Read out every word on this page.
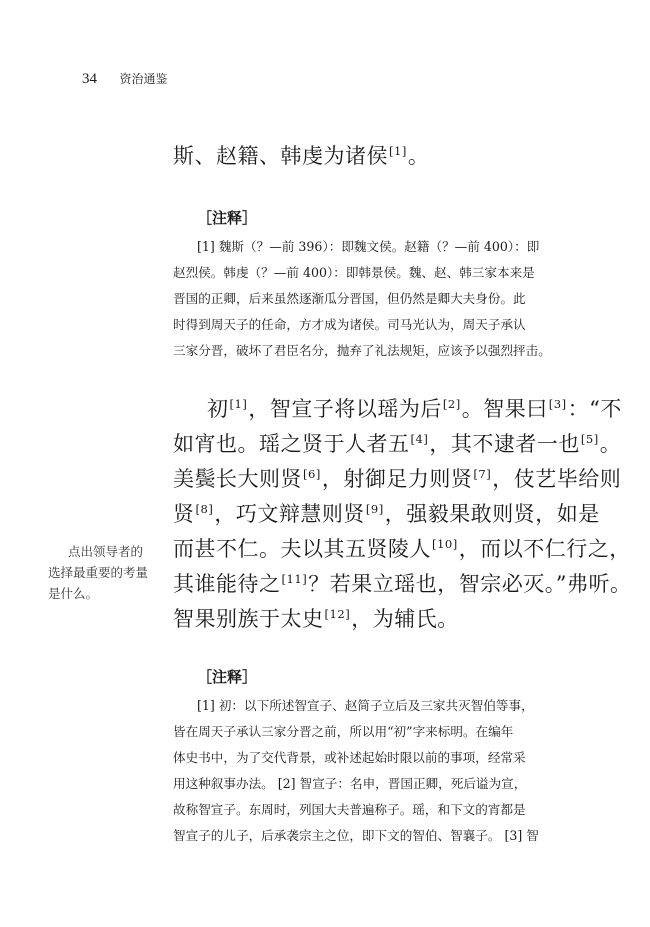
34 资治通鉴
斯、赵籍、韩虔为诸侯[1]。
［注释］
[1] 魏斯（？—前 396）：即魏文侯。赵籍（？—前 400）：即
赵烈侯。韩虔（？—前 400）：即韩景侯。魏、赵、韩三家本来是
晋国的正卿，后来虽然逐渐瓜分晋国，但仍然是卿大夫身份。此
时得到周天子的任命，方才成为诸侯。司马光认为，周天子承认
三家分晋，破坏了君臣名分，抛弃了礼法规矩，应该予以强烈抨击。
初[1]，智宣子将以瑶为后[2]。智果曰[3]：“不
如宵也。瑶之贤于人者五[4]，其不逮者一也[5]。
美鬓长大则贤[6]，射御足力则贤[7]，伎艺毕给则
贤[8]，巧文辩慧则贤[9]，强毅果敢则贤，如是
而甚不仁。夫以其五贤陵人[10]，而以不仁行之，
其谁能待之[11]？若果立瑶也，智宗必灭。”弗听。
智果别族于太史[12]，为辅氏。
点出领导者的
选择最重要的考量
是什么。
［注释］
[1] 初：以下所述智宣子、赵简子立后及三家共灭智伯等事，
皆在周天子承认三家分晋之前，所以用“初”字来标明。在编年
体史书中，为了交代背景，或补述起始时限以前的事项，经常采
用这种叙事办法。 [2] 智宣子：名申，晋国正卿，死后谥为宣，
故称智宣子。东周时，列国大夫普遍称子。瑶，和下文的宵都是
智宣子的儿子，后承袭宗主之位，即下文的智伯、智襄子。 [3] 智
